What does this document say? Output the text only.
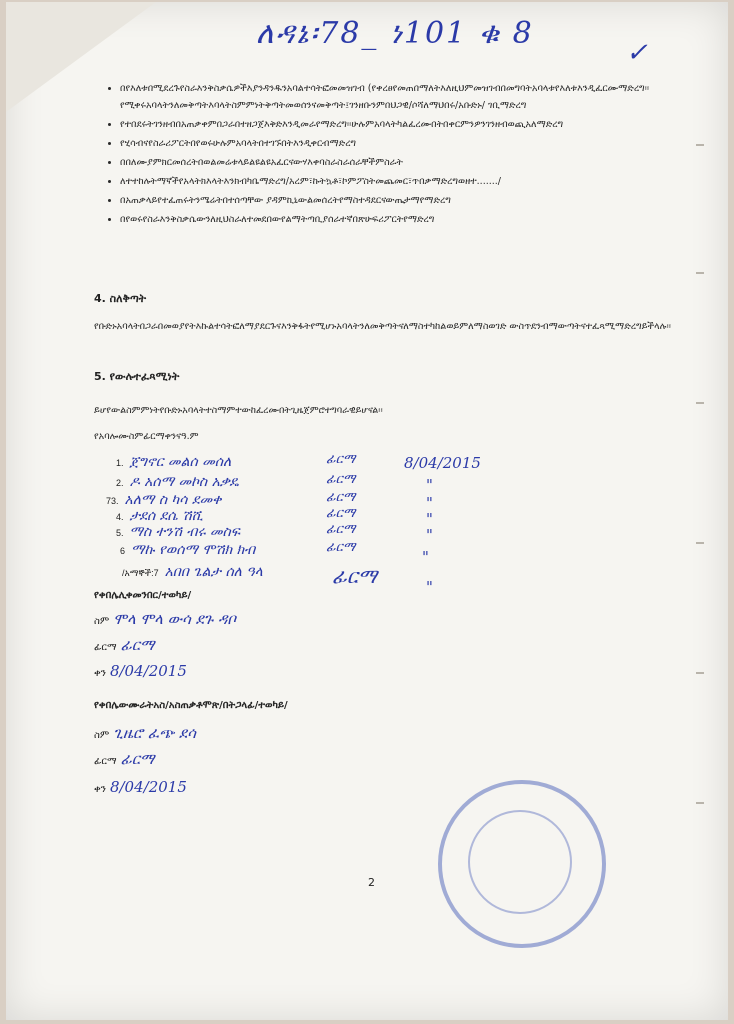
ለዳኔ፡78_ ነ101 ቁ 8
✓
• በየእለቱበሚደረጉየስራእንቅስቃሴዎችእያንዳንዱንአባልተሳትፎመመዝገብ (የቀረፀየመጠበማለትእለዚህምመዝገብበመግባትአባላቱየእለቱእንዲፈርሙማድረግ፡፡የሚቀሩአባላትንለመቅጣትእባላትስምምነትቅጣትመወሰንናመቅጣት፤ገንዘቡንምበህጋዊ/ሶሻለማህበሩ/አቡድኑ/ ገቢማድረግ
• የተበደሩትገንዘብበአጠቃቀምበጋራበተዘጋጀእቅድእንዲመራየማድረግ፡፡ሁሉምአባላትካልፈረሙበትበቀርምንዎንገንዘብወጪአለማድረግ
• የሂሳብናየስራሪፖርትበየወሩሁሉምአባላትበተገኙበትእንዲቀርብማድረግ
• በበለሙያምክርመሰረትበወልመሬቱላይልዩልዩአፈርናውሃእቀባስራስራሰራቸችምስራት
• ለተተከሉትማኛችየአላትክእላትእንክብካቤማድረግ/አረም፣ኩትኳቶ፣ኮምፖስትመጨመር፣ጥበቃማድረግወዘተ......./
• በአጠቃላይየተፈጠሩትንሜሬትበተሰጣቸው ያዳምኪኒውልመሰረትየማስተዳደርናውጤታማየማድረግ
• በየወሩየስራእንቅስቃሴውንለዚህስራለተመደበውየልማትጣቢያሰራተኛበጽሁፍሪፖርትየማድረግ
4. ስለቅጣት
የቡድኑአባላትበጋራበመወያየትእኩልተሳትፎለማያደርጉናእንቅፋትየሚሆኑአባላትንለመቅጣትናለማስተካከልወይምለማስወገድ ውስጥደንብማውጣትናተፈጻሚማድረግይችላሉ፡፡
5. የውሉተፈጻሚነት
ይሆየውልስምምነትየቡድኑአባላትተስማምተውከፈረሙበትጊዜጀምሮተግባራዊይሆናል፡፡
የአባሎሙስምፊርማቀንናዓ.ም
1. ጀግኖር መልሰ መሰለ
2. ዶ አሰማ መኮስ አቃዴ
73. አለማ ስ ካሳ ደመቀ
4. ታደሰ ደሴ ሽሺ
5. ማስ ተንሽ ብሩ መስፍ
6 ማኩ የወሰማ ሞሽክ ክብ
/አማኞች:7 አበበ ጌልታ ሰለ ዓላ
ፊርማ
ፊርማ
ፊርማ
ፊርማ
ፊርማ
ፊርማ
ፊርማ
8/04/2015
"
"
"
"
"
"
የቀበሌሊቀመንበር/ተወካይ/
ስም ሞላ ሞላ ውሳ ደጉ ዳቦ
ፊርማ ፊርማ
ቀን 8/04/2015
የቀበሌውሙራትአስ/አስጠቃቶሞጽ/በትጋላፊ/ተወካይ/
ስም ጊዜሮ ፈጭ ደሳ
ፊርማ ፊርማ
ቀን 8/04/2015
2
